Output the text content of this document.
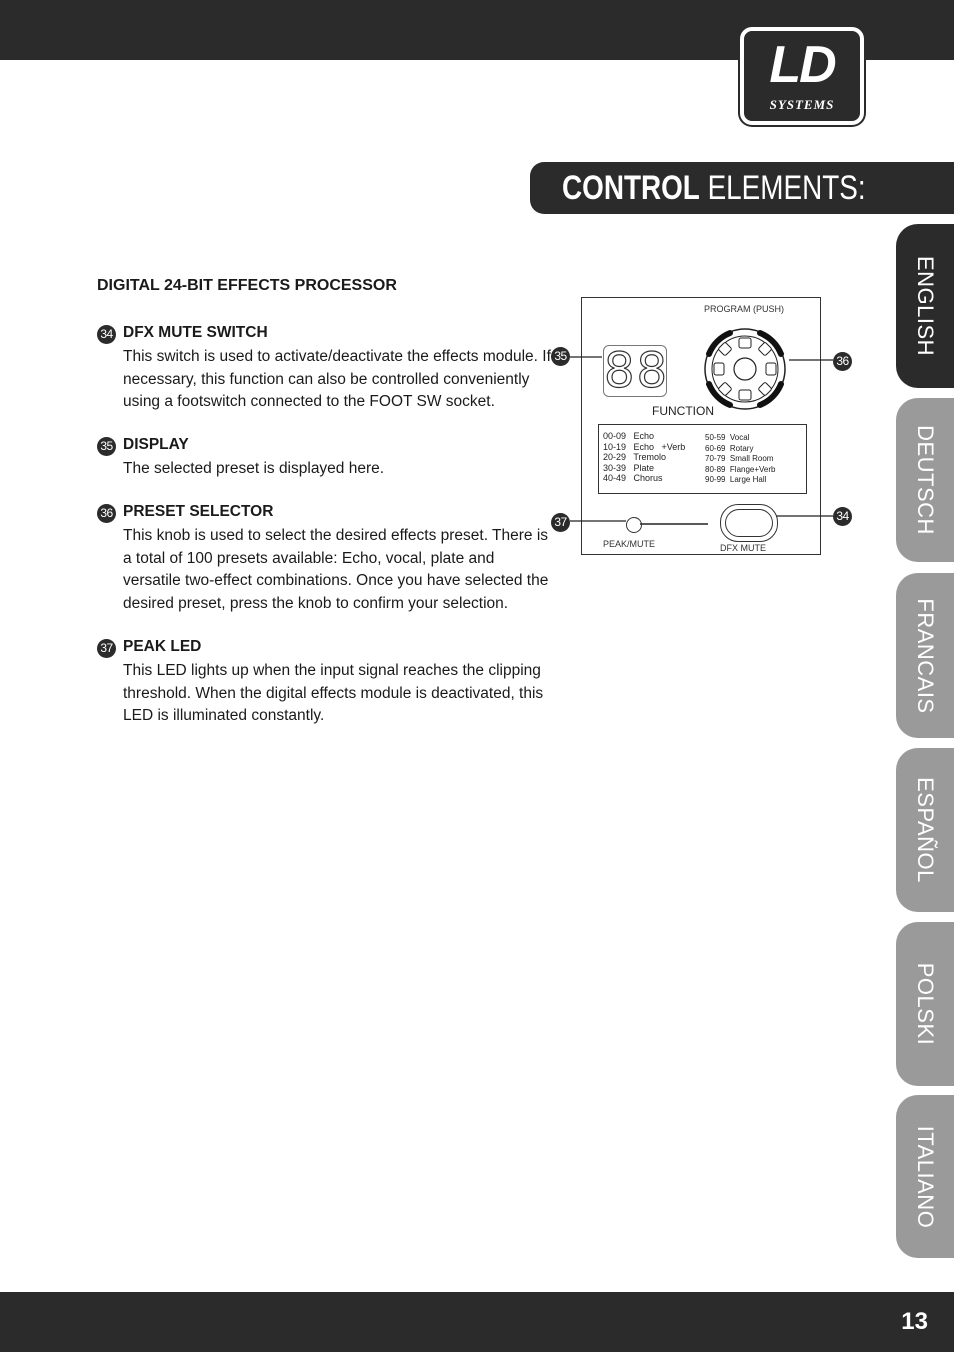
LD
SYSTEMS
CONTROL ELEMENTS:
ENGLISH
DEUTSCH
FRANCAIS
ESPAÑOL
POLSKI
ITALIANO
DIGITAL 24-BIT EFFECTS PROCESSOR
34 DFX MUTE SWITCH
This switch is used to activate/deactivate the effects module. If necessary, this function can also be controlled conveniently using a footswitch connected to the FOOT SW socket.
35 DISPLAY
The selected preset is displayed here.
36 PRESET SELECTOR
This knob is used to select the desired effects preset. There is a total of 100 presets available: Echo, vocal, plate and versatile two-effect combinations. Once you have selected the desired preset, press the knob to confirm your selection.
37 PEAK LED
This LED lights up when the input signal reaches the clipping threshold. When the digital effects module is deactivated, this LED is illuminated constantly.
PROGRAM (PUSH)
88
FUNCTION
00-09   Echo
10-19   Echo   +Verb
20-29   Tremolo
30-39   Plate
40-49   Chorus
50-59  Vocal
60-69  Rotary
70-79  Small Room
80-89  Flange+Verb
90-99  Large Hall
PEAK/MUTE	DFX MUTE
35	36
37	34
13
